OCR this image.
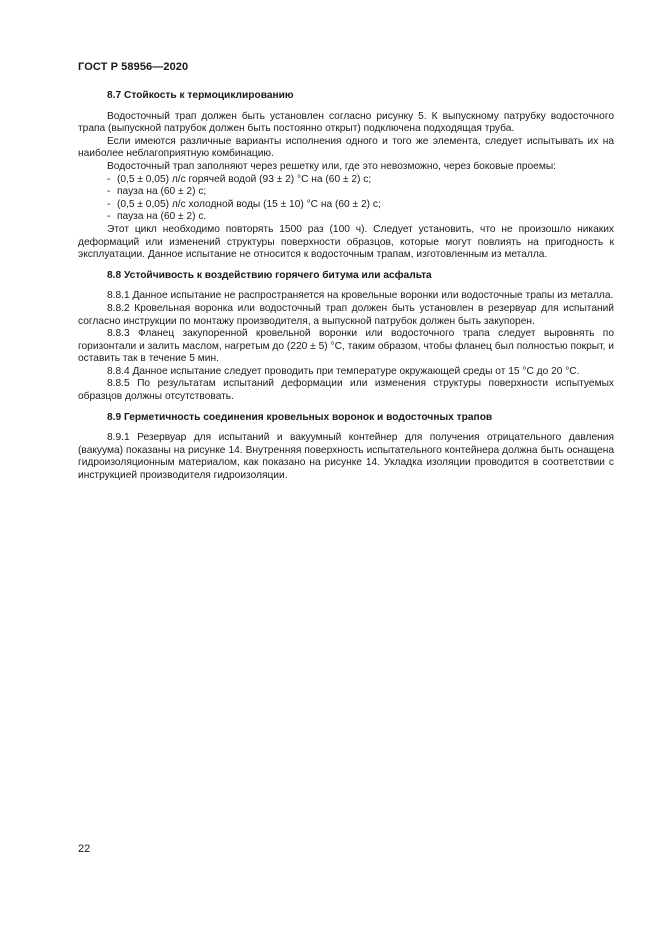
ГОСТ Р 58956—2020
8.7 Стойкость к термоциклированию

Водосточный трап должен быть установлен согласно рисунку 5. К выпускному патрубку водосточного трапа (выпускной патрубок должен быть постоянно открыт) подключена подходящая труба.

Если имеются различные варианты исполнения одного и того же элемента, следует испытывать их на наиболее неблагоприятную комбинацию.

Водосточный трап заполняют через решетку или, где это невозможно, через боковые проемы:

- (0,5 ± 0,05) л/с горячей водой (93 ± 2) °С на (60 ± 2) с;

- пауза на (60 ± 2) с;

- (0,5 ± 0,05) л/с холодной воды (15 ± 10) °С на (60 ± 2) с;

- пауза на (60 ± 2) с.

Этот цикл необходимо повторять 1500 раз (100 ч). Следует установить, что не произошло никаких деформаций или изменений структуры поверхности образцов, которые могут повлиять на пригодность к эксплуатации. Данное испытание не относится к водосточным трапам, изготовленным из металла.

8.8 Устойчивость к воздействию горячего битума или асфальта

8.8.1 Данное испытание не распространяется на кровельные воронки или водосточные трапы из металла.

8.8.2 Кровельная воронка или водосточный трап должен быть установлен в резервуар для испытаний согласно инструкции по монтажу производителя, а выпускной патрубок должен быть закупорен.

8.8.3 Фланец закупоренной кровельной воронки или водосточного трапа следует выровнять по горизонтали и залить маслом, нагретым до (220 ± 5) °С, таким образом, чтобы фланец был полностью покрыт, и оставить так в течение 5 мин.

8.8.4 Данное испытание следует проводить при температуре окружающей среды от 15 °С до 20 °С.

8.8.5 По результатам испытаний деформации или изменения структуры поверхности испытуемых образцов должны отсутствовать.

8.9 Герметичность соединения кровельных воронок и водосточных трапов

8.9.1 Резервуар для испытаний и вакуумный контейнер для получения отрицательного давления (вакуума) показаны на рисунке 14. Внутренняя поверхность испытательного контейнера должна быть оснащена гидроизоляционным материалом, как показано на рисунке 14. Укладка изоляции проводится в соответствии с инструкцией производителя гидроизоляции.

22
